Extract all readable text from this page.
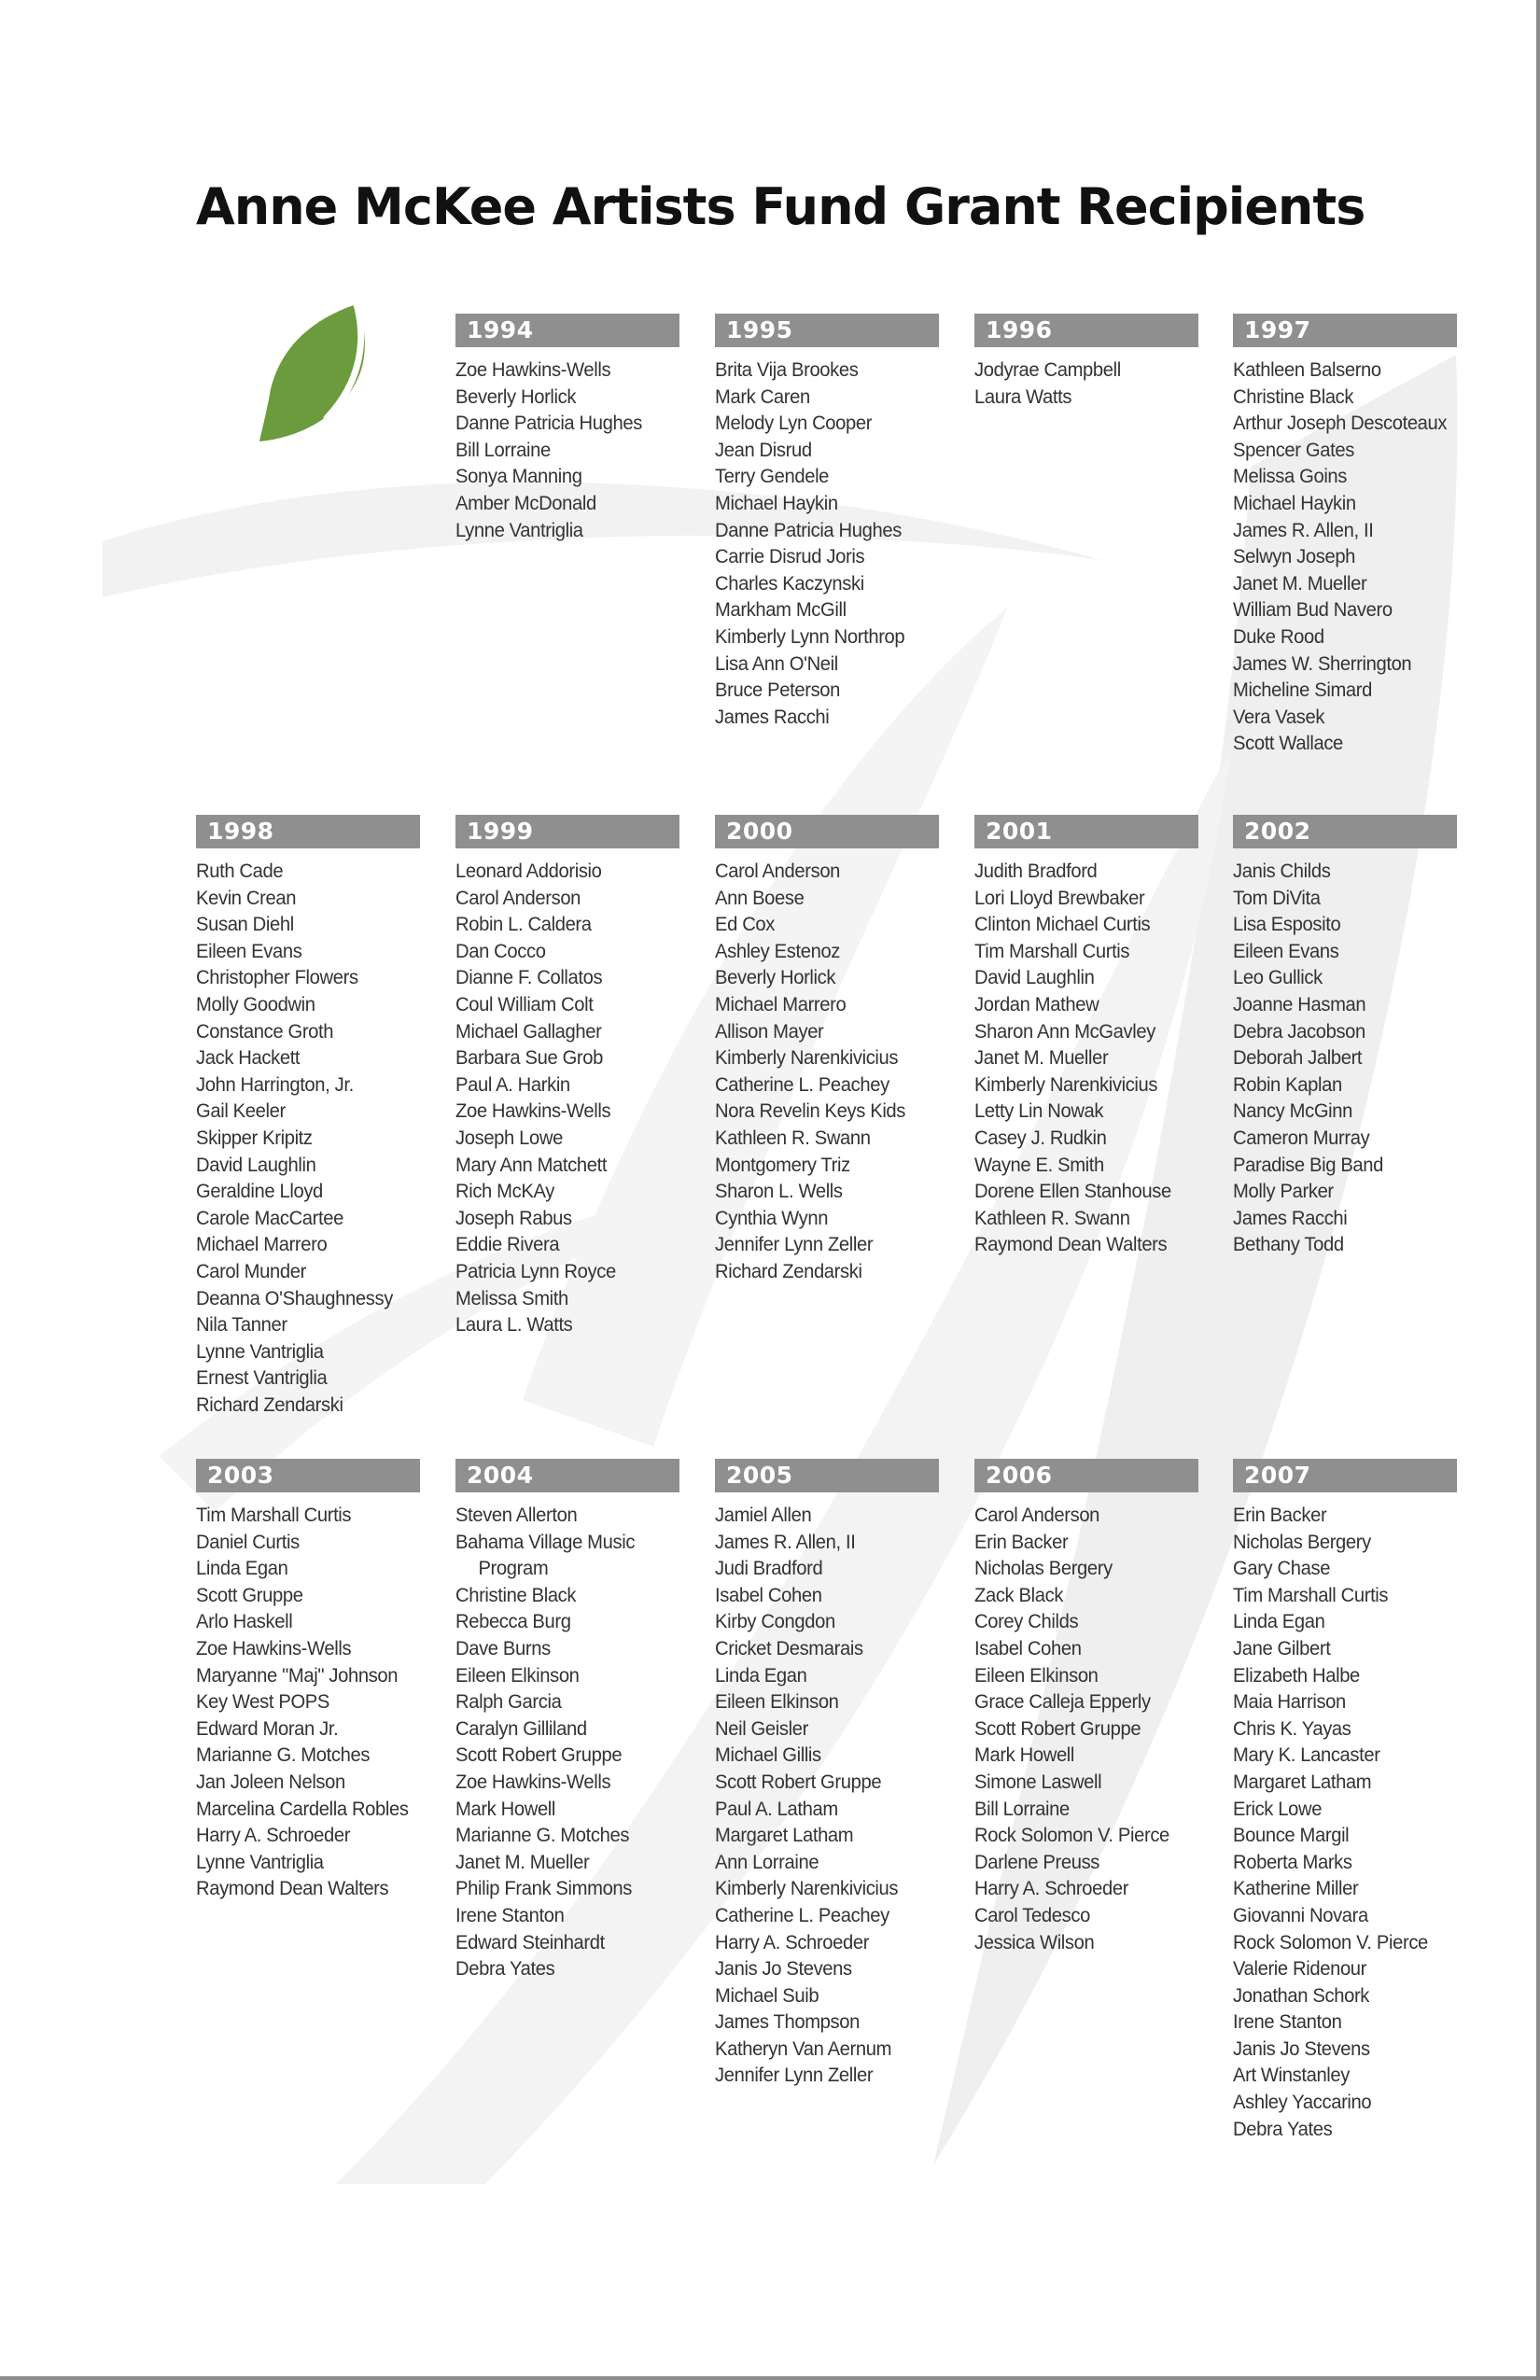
Anne McKee Artists Fund Grant Recipients
1994
Zoe Hawkins-Wells
Beverly Horlick
Danne Patricia Hughes
Bill Lorraine
Sonya Manning
Amber McDonald
Lynne Vantriglia
1995
Brita Vija Brookes
Mark Caren
Melody Lyn Cooper
Jean Disrud
Terry Gendele
Michael Haykin
Danne Patricia Hughes
Carrie Disrud Joris
Charles Kaczynski
Markham McGill
Kimberly Lynn Northrop
Lisa Ann O'Neil
Bruce Peterson
James Racchi
1996
Jodyrae Campbell
Laura Watts
1997
Kathleen Balserno
Christine Black
Arthur Joseph Descoteaux
Spencer Gates
Melissa Goins
Michael Haykin
James R. Allen, II
Selwyn Joseph
Janet M. Mueller
William Bud Navero
Duke Rood
James W. Sherrington
Micheline Simard
Vera Vasek
Scott Wallace
1998
Ruth Cade
Kevin Crean
Susan Diehl
Eileen Evans
Christopher Flowers
Molly Goodwin
Constance Groth
Jack Hackett
John Harrington, Jr.
Gail Keeler
Skipper Kripitz
David Laughlin
Geraldine Lloyd
Carole MacCartee
Michael Marrero
Carol Munder
Deanna O'Shaughnessy
Nila Tanner
Lynne Vantriglia
Ernest Vantriglia
Richard Zendarski
1999
Leonard Addorisio
Carol Anderson
Robin L. Caldera
Dan Cocco
Dianne F. Collatos
Coul William Colt
Michael Gallagher
Barbara Sue Grob
Paul A. Harkin
Zoe Hawkins-Wells
Joseph Lowe
Mary Ann Matchett
Rich McKAy
Joseph Rabus
Eddie Rivera
Patricia Lynn Royce
Melissa Smith
Laura L. Watts
2000
Carol Anderson
Ann Boese
Ed Cox
Ashley Estenoz
Beverly Horlick
Michael Marrero
Allison Mayer
Kimberly Narenkivicius
Catherine L. Peachey
Nora Revelin Keys Kids
Kathleen R. Swann
Montgomery Triz
Sharon L. Wells
Cynthia Wynn
Jennifer Lynn Zeller
Richard Zendarski
2001
Judith Bradford
Lori Lloyd Brewbaker
Clinton Michael Curtis
Tim Marshall Curtis
David Laughlin
Jordan Mathew
Sharon Ann McGavley
Janet M. Mueller
Kimberly Narenkivicius
Letty Lin Nowak
Casey J. Rudkin
Wayne E. Smith
Dorene Ellen Stanhouse
Kathleen R. Swann
Raymond Dean Walters
2002
Janis Childs
Tom DiVita
Lisa Esposito
Eileen Evans
Leo Gullick
Joanne Hasman
Debra Jacobson
Deborah Jalbert
Robin Kaplan
Nancy McGinn
Cameron Murray
Paradise Big Band
Molly Parker
James Racchi
Bethany Todd
2003
Tim Marshall Curtis
Daniel Curtis
Linda Egan
Scott Gruppe
Arlo Haskell
Zoe Hawkins-Wells
Maryanne "Maj" Johnson
Key West POPS
Edward Moran Jr.
Marianne G. Motches
Jan Joleen Nelson
Marcelina Cardella Robles
Harry A. Schroeder
Lynne Vantriglia
Raymond Dean Walters
2004
Steven Allerton
Bahama Village Music
Program
Christine Black
Rebecca Burg
Dave Burns
Eileen Elkinson
Ralph Garcia
Caralyn Gilliland
Scott Robert Gruppe
Zoe Hawkins-Wells
Mark Howell
Marianne G. Motches
Janet M. Mueller
Philip Frank Simmons
Irene Stanton
Edward Steinhardt
Debra Yates
2005
Jamiel Allen
James R. Allen, II
Judi Bradford
Isabel Cohen
Kirby Congdon
Cricket Desmarais
Linda Egan
Eileen Elkinson
Neil Geisler
Michael Gillis
Scott Robert Gruppe
Paul A. Latham
Margaret Latham
Ann Lorraine
Kimberly Narenkivicius
Catherine L. Peachey
Harry A. Schroeder
Janis Jo Stevens
Michael Suib
James Thompson
Katheryn Van Aernum
Jennifer Lynn Zeller
2006
Carol Anderson
Erin Backer
Nicholas Bergery
Zack Black
Corey Childs
Isabel Cohen
Eileen Elkinson
Grace Calleja Epperly
Scott Robert Gruppe
Mark Howell
Simone Laswell
Bill Lorraine
Rock Solomon V. Pierce
Darlene Preuss
Harry A. Schroeder
Carol Tedesco
Jessica Wilson
2007
Erin Backer
Nicholas Bergery
Gary Chase
Tim Marshall Curtis
Linda Egan
Jane Gilbert
Elizabeth Halbe
Maia Harrison
Chris K. Yayas
Mary K. Lancaster
Margaret Latham
Erick Lowe
Bounce Margil
Roberta Marks
Katherine Miller
Giovanni Novara
Rock Solomon V. Pierce
Valerie Ridenour
Jonathan Schork
Irene Stanton
Janis Jo Stevens
Art Winstanley
Ashley Yaccarino
Debra Yates
